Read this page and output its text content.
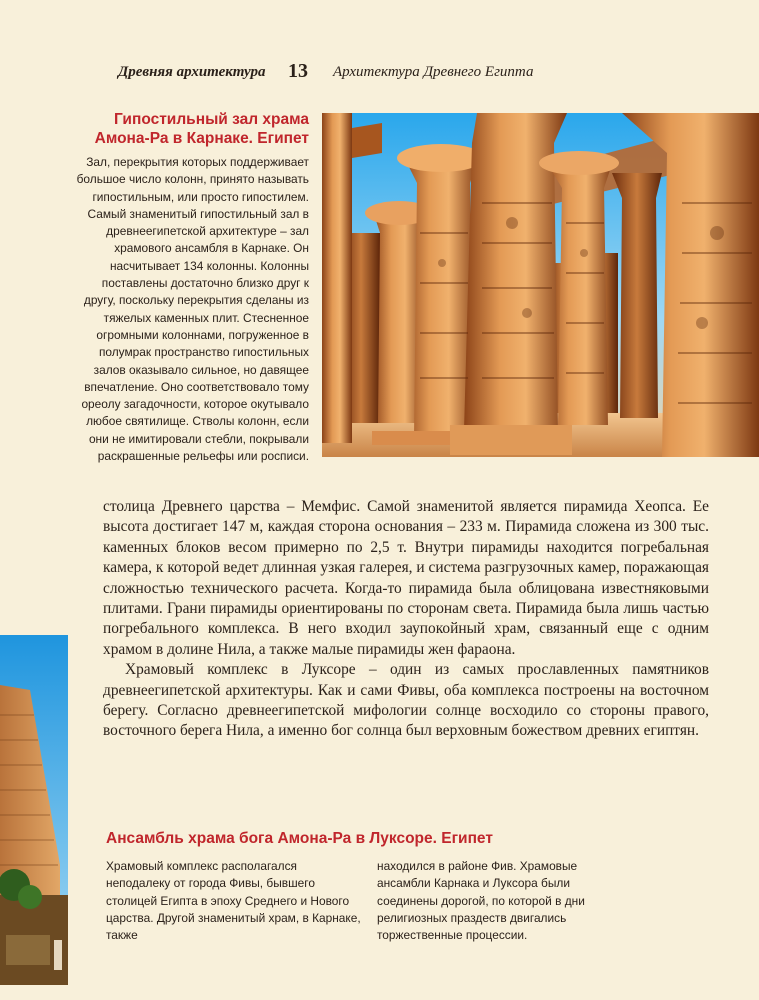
Древняя архитектура 13 Архитектура Древнего Египта
Гипостильный зал храма Амона-Ра в Карнаке. Египет
Зал, перекрытия которых поддерживает большое число колонн, принято называть гипостильным, или просто гипостилем. Самый знаменитый гипостильный зал в древнеегипетской архитектуре – зал храмового ансамбля в Карнаке. Он насчитывает 134 колонны. Колонны поставлены достаточно близко друг к другу, поскольку перекрытия сделаны из тяжелых каменных плит. Стесненное огромными колоннами, погруженное в полумрак пространство гипостильных залов оказывало сильное, но давящее впечатление. Оно соответствовало тому ореолу загадочности, которое окутывало любое святилище. Стволы колонн, если они не имитировали стебли, покрывали раскрашенные рельефы или росписи.

столица Древнего царства – Мемфис. Самой знаменитой является пирамида Хеопса. Ее высота достигает 147 м, каждая сторона основания – 233 м. Пирамида сложена из 300 тыс. каменных блоков весом примерно по 2,5 т. Внутри пирамиды находится погребальная камера, к которой ведет длинная узкая галерея, и система разгрузочных камер, поражающая сложностью технического расчета. Когда-то пирамида была облицована известняковыми плитами. Грани пирамиды ориентированы по сторонам света. Пирамида была лишь частью погребального комплекса. В него входил заупокойный храм, связанный еще с одним храмом в долине Нила, а также малые пирамиды жен фараона.

Храмовый комплекс в Луксоре – один из самых прославленных памятников древнеегипетской архитектуры. Как и сами Фивы, оба комплекса построены на восточном берегу. Согласно древнеегипетской мифологии солнце восходило со стороны правого, восточного берега Нила, а именно бог солнца был верховным божеством древних египтян.

Ансамбль храма бога Амона-Ра в Луксоре. Египет
Храмовый комплекс располагался неподалеку от города Фивы, бывшего столицей Египта в эпоху Среднего и Нового царства. Другой знаменитый храм, в Карнаке, также
находился в районе Фив. Храмовые ансамбли Карнака и Луксора были соединены дорогой, по которой в дни религиозных праздеств двигались торжественные процессии.
